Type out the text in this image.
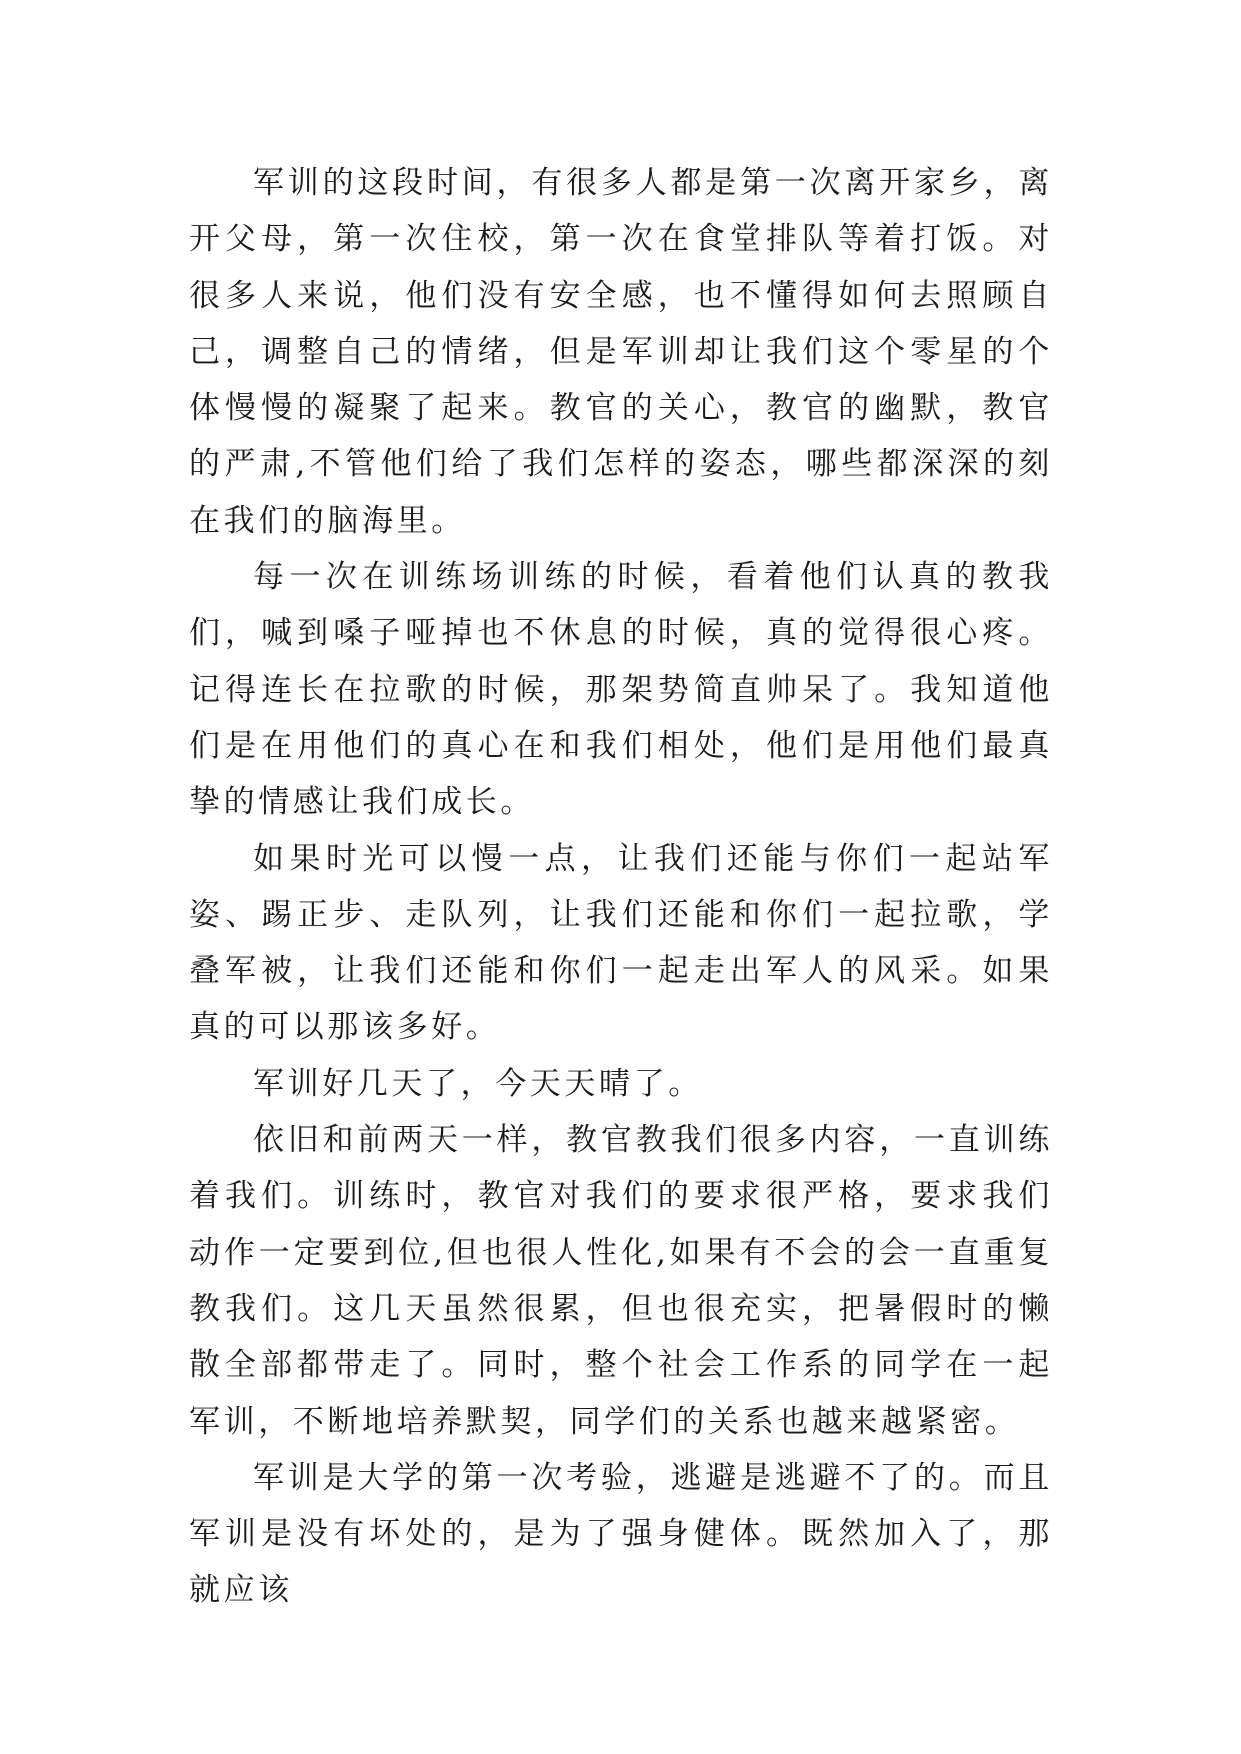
军训的这段时间，有很多人都是第一次离开家乡，离开父母，第一次住校，第一次在食堂排队等着打饭。对很多人来说，他们没有安全感，也不懂得如何去照顾自己，调整自己的情绪，但是军训却让我们这个零星的个体慢慢的凝聚了起来。教官的关心，教官的幽默，教官的严肃,不管他们给了我们怎样的姿态，哪些都深深的刻在我们的脑海里。

每一次在训练场训练的时候，看着他们认真的教我们，喊到嗓子哑掉也不休息的时候，真的觉得很心疼。记得连长在拉歌的时候，那架势简直帅呆了。我知道他们是在用他们的真心在和我们相处，他们是用他们最真挚的情感让我们成长。

如果时光可以慢一点，让我们还能与你们一起站军姿、踢正步、走队列，让我们还能和你们一起拉歌，学叠军被，让我们还能和你们一起走出军人的风采。如果真的可以那该多好。

军训好几天了，今天天晴了。

依旧和前两天一样，教官教我们很多内容，一直训练着我们。训练时，教官对我们的要求很严格，要求我们动作一定要到位,但也很人性化,如果有不会的会一直重复教我们。这几天虽然很累，但也很充实，把暑假时的懒散全部都带走了。同时，整个社会工作系的同学在一起军训，不断地培养默契，同学们的关系也越来越紧密。

军训是大学的第一次考验，逃避是逃避不了的。而且军训是没有坏处的，是为了强身健体。既然加入了，那就应该
